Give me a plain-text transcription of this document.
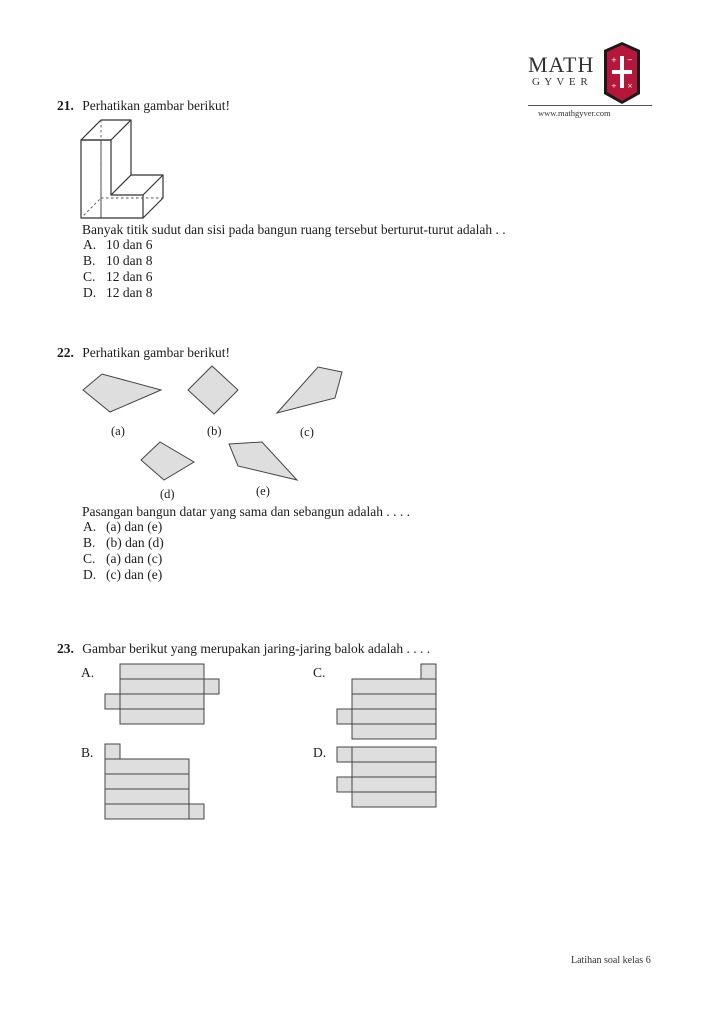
MATH
G Y V E R
+ −
÷ ×
www.mathgyver.com
21. Perhatikan gambar berikut!
Banyak titik sudut dan sisi pada bangun ruang tersebut berturut-turut adalah . .
A. 10 dan 6
B. 10 dan 8
C. 12 dan 6
D. 12 dan 8
22. Perhatikan gambar berikut!
(a)	(b)	(c)
(d)	(e)
Pasangan bangun datar yang sama dan sebangun adalah . . . .
A. (a) dan (e)
B. (b) dan (d)
C. (a) dan (c)
D. (c) dan (e)
23. Gambar berikut yang merupakan jaring-jaring balok adalah . . . .
A.
B.
C.
D.
Latihan soal kelas 6
